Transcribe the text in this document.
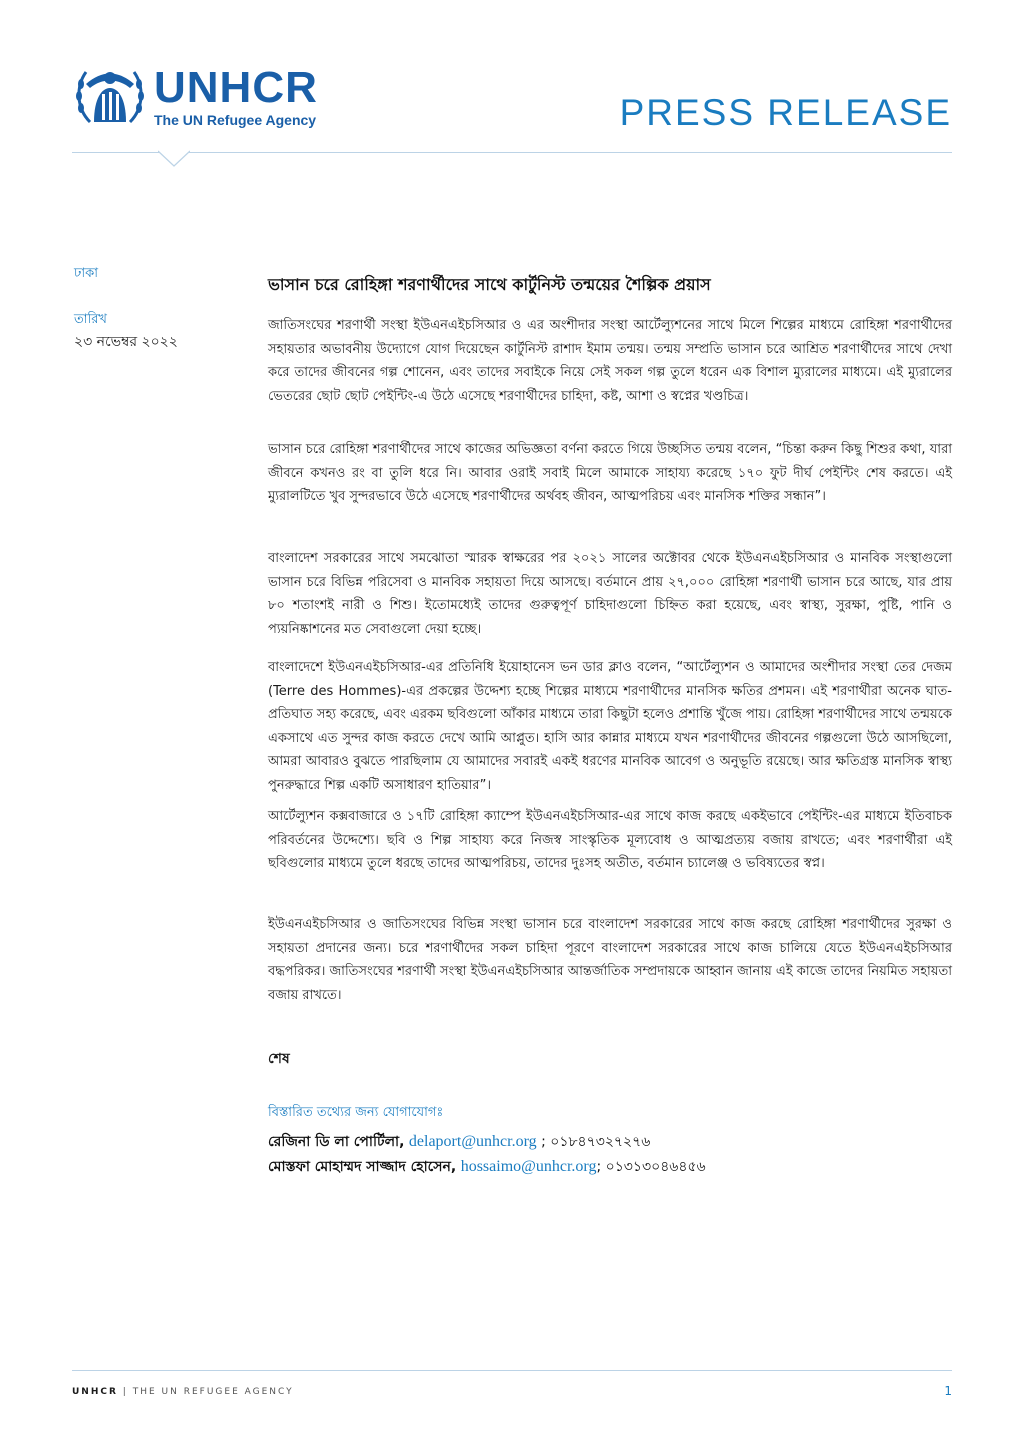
UNHCR
The UN Refugee Agency	PRESS RELEASE
ঢাকা
তারিখ
২৩ নভেম্বর ২০২২
ভাসান চরে রোহিঙ্গা শরণার্থীদের সাথে কার্টুনিস্ট তন্ময়ের শৈল্পিক প্রয়াস
জাতিসংঘের শরণার্থী সংস্থা ইউএনএইচসিআর ও এর অংশীদার সংস্থা আর্টেল্যুশনের সাথে মিলে শিল্পের মাধ্যমে রোহিঙ্গা শরণার্থীদের সহায়তার অভাবনীয় উদ্যোগে যোগ দিয়েছেন কার্টুনিস্ট রাশাদ ইমাম তন্ময়। তন্ময় সম্প্রতি ভাসান চরে আশ্রিত শরণার্থীদের সাথে দেখা করে তাদের জীবনের গল্প শোনেন, এবং তাদের সবাইকে নিয়ে সেই সকল গল্প তুলে ধরেন এক বিশাল ম্যুরালের মাধ্যমে। এই ম্যুরালের ভেতরের ছোট ছোট পেইন্টিং-এ উঠে এসেছে শরণার্থীদের চাহিদা, কষ্ট, আশা ও স্বপ্নের খণ্ডচিত্র।
ভাসান চরে রোহিঙ্গা শরণার্থীদের সাথে কাজের অভিজ্ঞতা বর্ণনা করতে গিয়ে উচ্ছসিত তন্ময় বলেন, “চিন্তা করুন কিছু শিশুর কথা, যারা জীবনে কখনও রং বা তুলি ধরে নি। আবার ওরাই সবাই মিলে আমাকে সাহায্য করেছে ১৭০ ফুট দীর্ঘ পেইন্টিং শেষ করতে। এই ম্যুরালটিতে খুব সুন্দরভাবে উঠে এসেছে শরণার্থীদের অর্থবহ জীবন, আত্মপরিচয় এবং মানসিক শক্তির সন্ধান”।
বাংলাদেশ সরকারের সাথে সমঝোতা স্মারক স্বাক্ষরের পর ২০২১ সালের অক্টোবর থেকে ইউএনএইচসিআর ও মানবিক সংস্থাগুলো ভাসান চরে বিভিন্ন পরিসেবা ও মানবিক সহায়তা দিয়ে আসছে। বর্তমানে প্রায় ২৭,০০০ রোহিঙ্গা শরণার্থী ভাসান চরে আছে, যার প্রায় ৮০ শতাংশই নারী ও শিশু। ইতোমধ্যেই তাদের গুরুত্বপূর্ণ চাহিদাগুলো চিহ্নিত করা হয়েছে, এবং স্বাস্থ্য, সুরক্ষা, পুষ্টি, পানি ও প্যয়নিষ্কাশনের মত সেবাগুলো দেয়া হচ্ছে।
বাংলাদেশে ইউএনএইচসিআর-এর প্রতিনিধি ইয়োহানেস ভন ডার ক্লাও বলেন, “আর্টেল্যুশন ও আমাদের অংশীদার সংস্থা তের দেজম (Terre des Hommes)-এর প্রকল্পের উদ্দেশ্য হচ্ছে শিল্পের মাধ্যমে শরণার্থীদের মানসিক ক্ষতির প্রশমন। এই শরণার্থীরা অনেক ঘাত-প্রতিঘাত সহ্য করেছে, এবং এরকম ছবিগুলো আঁকার মাধ্যমে তারা কিছুটা হলেও প্রশান্তি খুঁজে পায়। রোহিঙ্গা শরণার্থীদের সাথে তন্ময়কে একসাথে এত সুন্দর কাজ করতে দেখে আমি আপ্লুত। হাসি আর কান্নার মাধ্যমে যখন শরণার্থীদের জীবনের গল্পগুলো উঠে আসছিলো, আমরা আবারও বুঝতে পারছিলাম যে আমাদের সবারই একই ধরণের মানবিক আবেগ ও অনুভূতি রয়েছে। আর ক্ষতিগ্রস্ত মানসিক স্বাস্থ্য পুনরুদ্ধারে শিল্প একটি অসাধারণ হাতিয়ার”।
আর্টেল্যুশন কক্সবাজারে ও ১৭টি রোহিঙ্গা ক্যাম্পে ইউএনএইচসিআর-এর সাথে কাজ করছে একইভাবে পেইন্টিং-এর মাধ্যমে ইতিবাচক পরিবর্তনের উদ্দেশ্যে। ছবি ও শিল্প সাহায্য করে নিজস্ব সাংস্কৃতিক মূল্যবোধ ও আত্মপ্রত্যয় বজায় রাখতে; এবং শরণার্থীরা এই ছবিগুলোর মাধ্যমে তুলে ধরছে তাদের আত্মপরিচয়, তাদের দুঃসহ অতীত, বর্তমান চ্যালেঞ্জ ও ভবিষ্যতের স্বপ্ন।
ইউএনএইচসিআর ও জাতিসংঘের বিভিন্ন সংস্থা ভাসান চরে বাংলাদেশ সরকারের সাথে কাজ করছে রোহিঙ্গা শরণার্থীদের সুরক্ষা ও সহায়তা প্রদানের জন্য। চরে শরণার্থীদের সকল চাহিদা পূরণে বাংলাদেশ সরকারের সাথে কাজ চালিয়ে যেতে ইউএনএইচসিআর বদ্ধপরিকর। জাতিসংঘের শরণার্থী সংস্থা ইউএনএইচসিআর আন্তর্জাতিক সম্প্রদায়কে আহ্বান জানায় এই কাজে তাদের নিয়মিত সহায়তা বজায় রাখতে।
শেষ
বিস্তারিত তথ্যের জন্য যোগাযোগঃ
রেজিনা ডি লা পোর্টিলা, delaport@unhcr.org ; ০১৮৪৭৩২৭২৭৬
মোস্তফা মোহাম্মদ সাজ্জাদ হোসেন, hossaimo@unhcr.org; ০১৩১৩০৪৬৪৫৬
UNHCR | THE UN REFUGEE AGENCY	1
